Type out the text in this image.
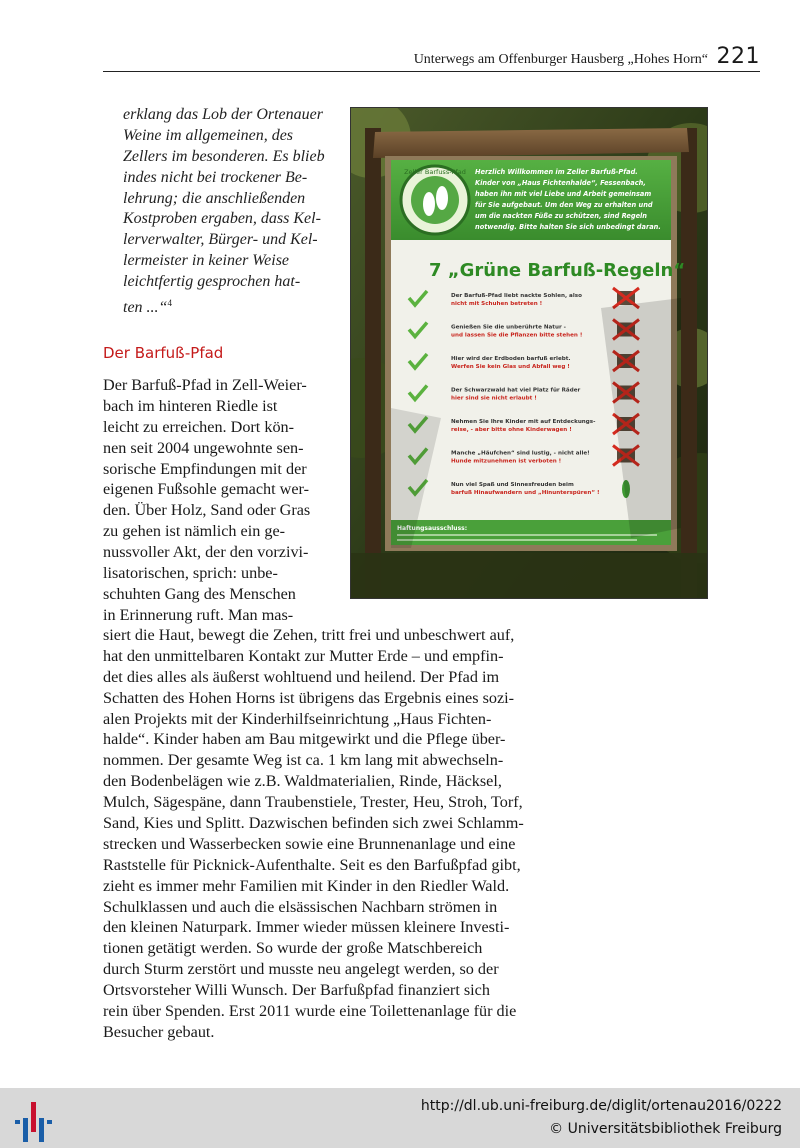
Unterwegs am Offenburger Hausberg „Hohes Horn“ 221
erklang das Lob der Ortenauer
Weine im allgemeinen, des
Zellers im besonderen. Es blieb
indes nicht bei trockener Be-
lehrung; die anschließenden
Kostproben ergaben, dass Kel-
lerverwalter, Bürger- und Kel-
lermeister in keiner Weise
leichtfertig gesprochen hat-
ten ...“$^4$
Der Barfuß-Pfad
Der Barfuß-Pfad in Zell-Weier-
bach im hinteren Riedle ist
leicht zu erreichen. Dort kön-
nen seit 2004 ungewohnte sen-
sorische Empfindungen mit der
eigenen Fußsohle gemacht wer-
den. Über Holz, Sand oder Gras
zu gehen ist nämlich ein ge-
nussvoller Akt, der den vorzivi-
lisatorischen, sprich: unbe-
schuhten Gang des Menschen
in Erinnerung ruft. Man mas-
siert die Haut, bewegt die Zehen, tritt frei und unbeschwert auf,
hat den unmittelbaren Kontakt zur Mutter Erde – und empfin-
det dies alles als äußerst wohltuend und heilend. Der Pfad im
Schatten des Hohen Horns ist übrigens das Ergebnis eines sozi-
alen Projekts mit der Kinderhilfseinrichtung „Haus Fichten-
halde“. Kinder haben am Bau mitgewirkt und die Pflege über-
nommen. Der gesamte Weg ist ca. 1 km lang mit abwechseln-
den Bodenbelägen wie z.B. Waldmaterialien, Rinde, Häcksel,
Mulch, Sägespäne, dann Traubenstiele, Trester, Heu, Stroh, Torf,
Sand, Kies und Splitt. Dazwischen befinden sich zwei Schlamm-
strecken und Wasserbecken sowie eine Brunnenanlage und eine
Raststelle für Picknick-Aufenthalte. Seit es den Barfußpfad gibt,
zieht es immer mehr Familien mit Kinder in den Riedler Wald.
Schulklassen und auch die elsässischen Nachbarn strömen in
den kleinen Naturpark. Immer wieder müssen kleinere Investi-
tionen getätigt werden. So wurde der große Matschbereich
durch Sturm zerstört und musste neu angelegt werden, so der
Ortsvorsteher Willi Wunsch. Der Barfußpfad finanziert sich
rein über Spenden. Erst 2011 wurde eine Toilettenanlage für die
Besucher gebaut.
Zeller Barfuss-Pfad Herzlich Willkommen im Zeller Barfuß-Pfad.
Kinder von „Haus Fichtenhalde“, Fessenbach,
haben ihn mit viel Liebe und Arbeit gemeinsam
für Sie aufgebaut. Um den Weg zu erhalten und
um die nackten Füße zu schützen, sind Regeln
notwendig. Bitte halten Sie sich unbedingt daran.
7 „Grüne Barfuß-Regeln“
Der Barfuß-Pfad liebt nackte Sohlen, also
nicht mit Schuhen betreten !
Genießen Sie die unberührte Natur -
und lassen Sie die Pflanzen bitte stehen !
Hier wird der Erdboden barfuß erlebt.
Werfen Sie kein Glas und Abfall weg !
Der Schwarzwald hat viel Platz für Räder
hier sind sie nicht erlaubt !
Nehmen Sie Ihre Kinder mit auf Entdeckungs-
reise, - aber bitte ohne Kinderwagen !
Manche „Häufchen“ sind lustig, - nicht alle!
Hunde mitzunehmen ist verboten !
Nun viel Spaß und Sinnesfreuden beim
barfuß Hinaufwandern und „Hinunterspüren“ !
Haftungsausschluss:
http://dl.ub.uni-freiburg.de/diglit/ortenau2016/0222
© Universitätsbibliothek Freiburg
